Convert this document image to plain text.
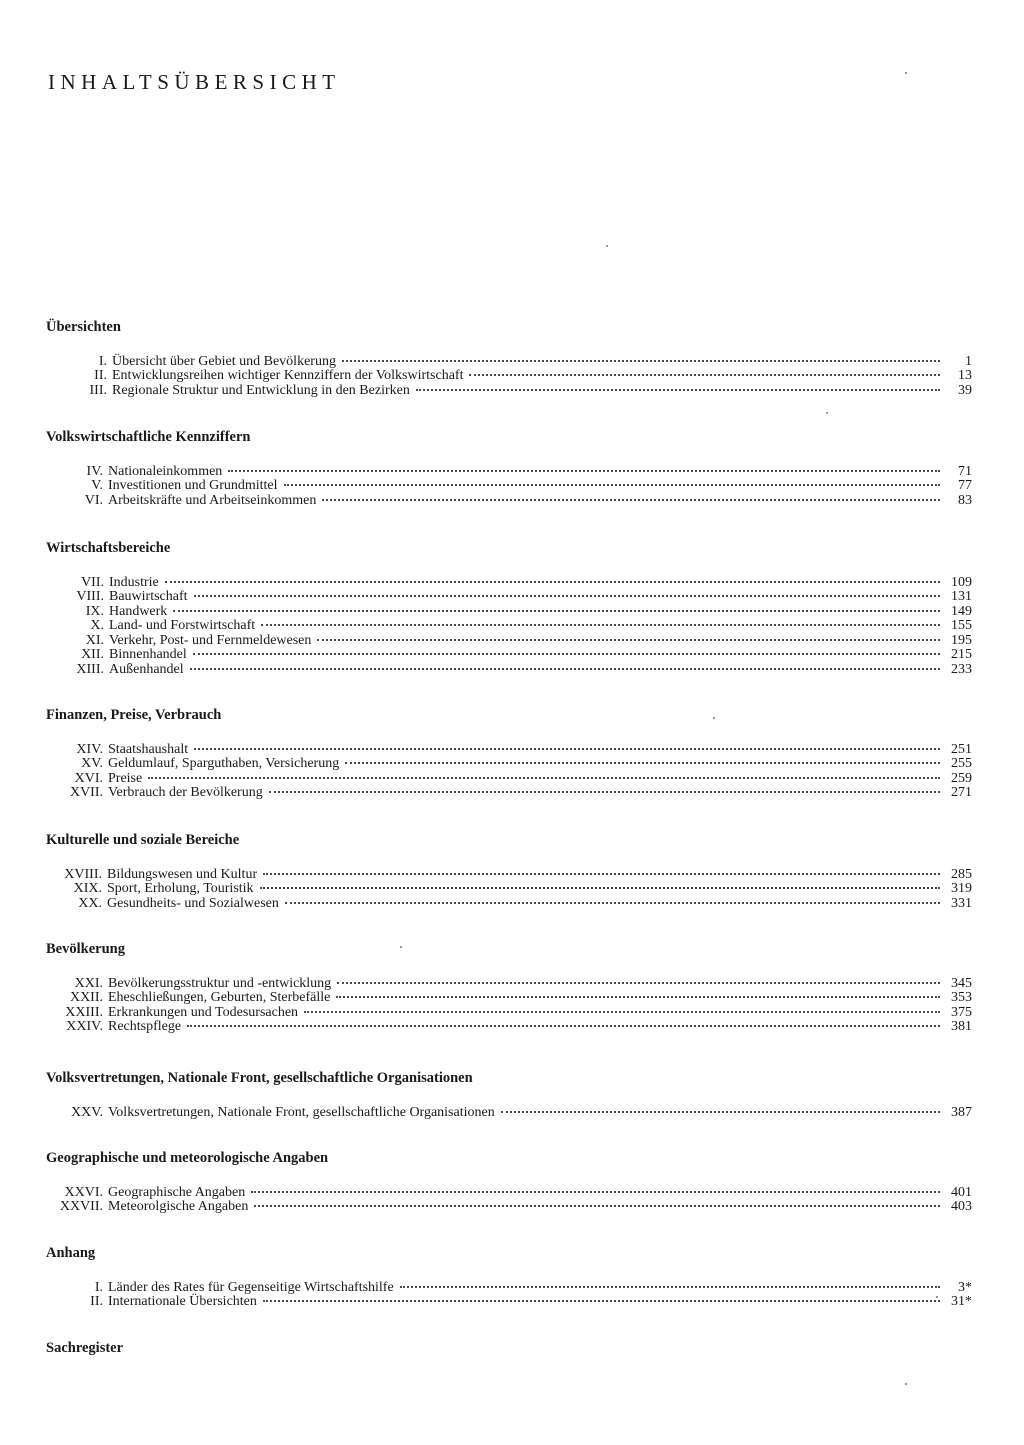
INHALTSÜBERSICHT
Übersichten
I. Übersicht über Gebiet und Bevölkerung	1
II. Entwicklungsreihen wichtiger Kennziffern der Volkswirtschaft	13
III. Regionale Struktur und Entwicklung in den Bezirken	39
Volkswirtschaftliche Kennziffern
IV. Nationaleinkommen	71
V. Investitionen und Grundmittel	77
VI. Arbeitskräfte und Arbeitseinkommen	83
Wirtschaftsbereiche
VII. Industrie	109
VIII. Bauwirtschaft	131
IX. Handwerk	149
X. Land- und Forstwirtschaft	155
XI. Verkehr, Post- und Fernmeldewesen	195
XII. Binnenhandel	215
XIII. Außenhandel	233
Finanzen, Preise, Verbrauch
XIV. Staatshaushalt	251
XV. Geldumlauf, Sparguthaben, Versicherung	255
XVI. Preise	259
XVII. Verbrauch der Bevölkerung	271
Kulturelle und soziale Bereiche
XVIII. Bildungswesen und Kultur	285
XIX. Sport, Erholung, Touristik	319
XX. Gesundheits- und Sozialwesen	331
Bevölkerung
XXI. Bevölkerungsstruktur und -entwicklung	345
XXII. Eheschließungen, Geburten, Sterbefälle	353
XXIII. Erkrankungen und Todesursachen	375
XXIV. Rechtspflege	381
Volksvertretungen, Nationale Front, gesellschaftliche Organisationen
XXV. Volksvertretungen, Nationale Front, gesellschaftliche Organisationen	387
Geographische und meteorologische Angaben
XXVI. Geographische Angaben	401
XXVII. Meteorolgische Angaben	403
Anhang
I. Länder des Rates für Gegenseitige Wirtschaftshilfe	3*
II. Internationale Übersichten	31*
Sachregister
